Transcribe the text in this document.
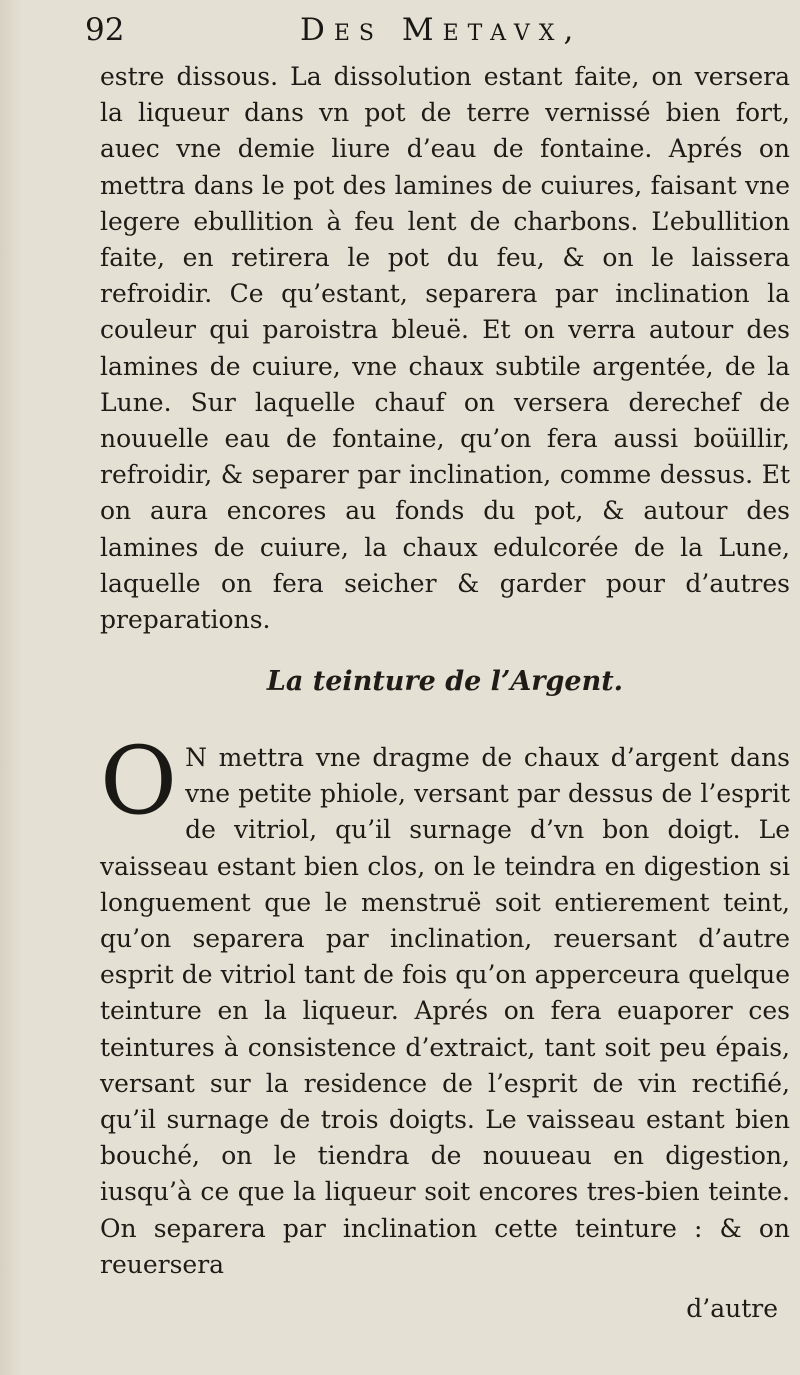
92	Des Metavx,

estre dissous. La dissolution estant faite, on versera la liqueur dans vn pot de terre vernissé bien fort, auec vne demie liure d’eau de fontaine. Aprés on mettra dans le pot des lamines de cuiures, faisant vne legere ebullition à feu lent de charbons. L’ebullition faite, en retirera le pot du feu, & on le laissera refroidir. Ce qu’estant, separera par inclination la couleur qui paroistra bleuë. Et on verra autour des lamines de cuiure, vne chaux subtile argentée, de la Lune. Sur laquelle chauf on versera derechef de nouuelle eau de fontaine, qu’on fera aussi boüillir, refroidir, & separer par inclination, comme dessus. Et on aura encores au fonds du pot, & autour des lamines de cuiure, la chaux edulcorée de la Lune, laquelle on fera seicher & garder pour d’autres preparations.

La teinture de l’Argent.

O N mettra vne dragme de chaux d’argent dans vne petite phiole, versant par dessus de l’esprit de vitriol, qu’il surnage d’vn bon doigt. Le vaisseau estant bien clos, on le teindra en digestion si longuement que le menstruë soit entierement teint, qu’on separera par inclination, reuersant d’autre esprit de vitriol tant de fois qu’on apperceura quelque teinture en la liqueur. Aprés on fera euaporer ces teintures à consistence d’extraict, tant soit peu épais, versant sur la residence de l’esprit de vin rectifié, qu’il surnage de trois doigts. Le vaisseau estant bien bouché, on le tiendra de nouueau en digestion, iusqu’à ce que la liqueur soit encores tres-bien teinte. On separera par inclination cette teinture : & on reuersera

d’autre
